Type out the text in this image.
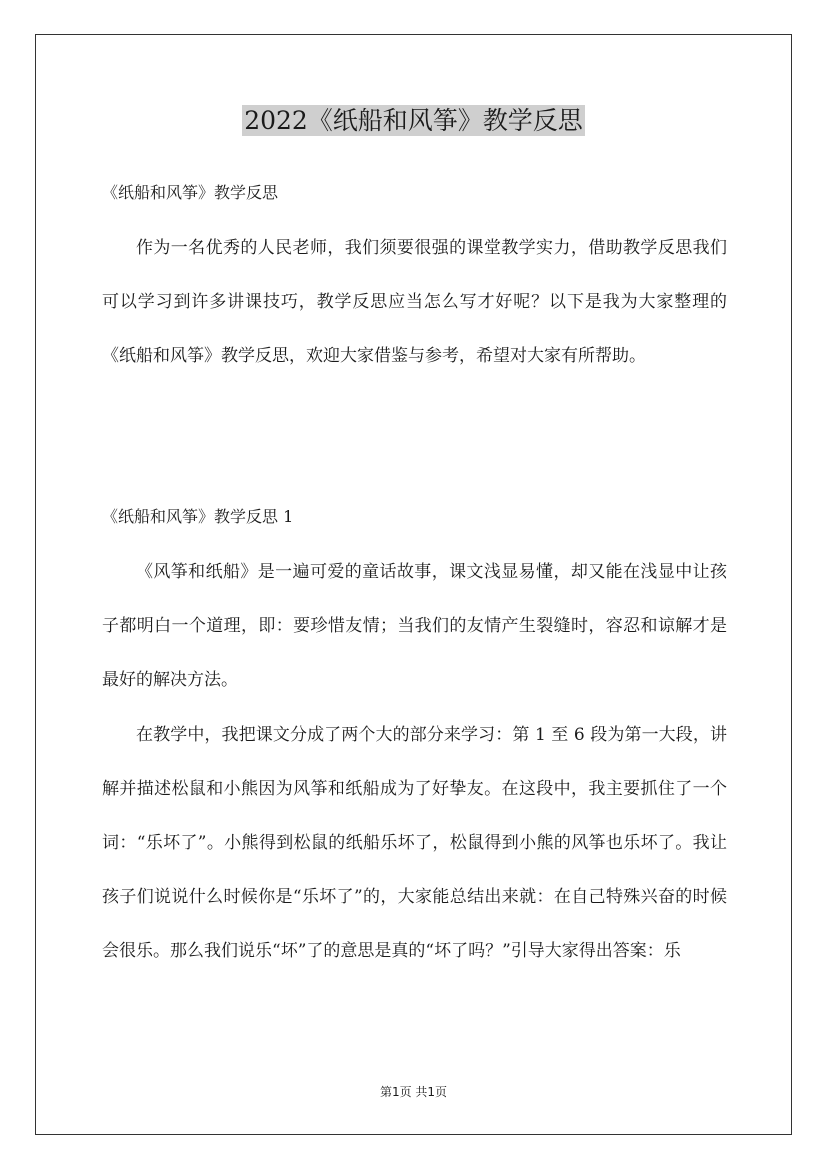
2022《纸船和风筝》教学反思
《纸船和风筝》教学反思

作为一名优秀的人民老师，我们须要很强的课堂教学实力，借助教学反思我们可以学习到许多讲课技巧，教学反思应当怎么写才好呢？以下是我为大家整理的《纸船和风筝》教学反思，欢迎大家借鉴与参考，希望对大家有所帮助。

《纸船和风筝》教学反思 1

《风筝和纸船》是一遍可爱的童话故事，课文浅显易懂，却又能在浅显中让孩子都明白一个道理，即：要珍惜友情；当我们的友情产生裂缝时，容忍和谅解才是最好的解决方法。

在教学中，我把课文分成了两个大的部分来学习：第 1 至 6 段为第一大段，讲解并描述松鼠和小熊因为风筝和纸船成为了好挚友。在这段中，我主要抓住了一个词：“乐坏了”。小熊得到松鼠的纸船乐坏了，松鼠得到小熊的风筝也乐坏了。我让孩子们说说什么时候你是“乐坏了”的，大家能总结出来就：在自己特殊兴奋的时候会很乐。那么我们说乐“坏”了的意思是真的“坏了吗？”引导大家得出答案：乐

第1页 共1页
